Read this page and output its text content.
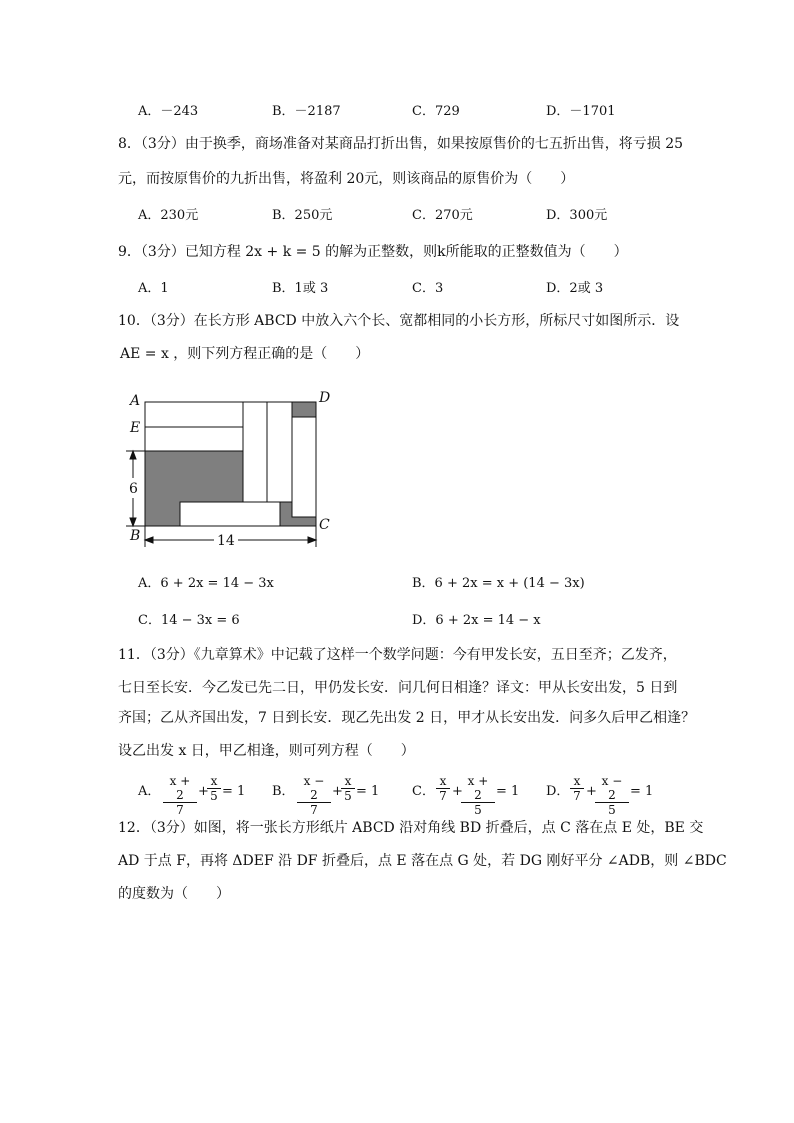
A．－243	B．－2187	C．729	D．－1701
8．（3分）由于换季，商场准备对某商品打折出售，如果按原售价的七五折出售，将亏损 25
元，而按原售价的九折出售，将盈利 20元，则该商品的原售价为（　　）
A．230元	B．250元	C．270元	D．300元
9．（3分）已知方程 2x + k = 5 的解为正整数，则k所能取的正整数值为（　　）
A．1	B．1或 3	C．3	D．2或 3
10．（3分）在长方形 ABCD 中放入六个长、宽都相同的小长方形，所标尺寸如图所示．设
AE = x ，则下列方程正确的是（　　）
A	D
E
B
C
6
14
A．6 + 2x = 14 − 3x	B．6 + 2x = x + (14 − 3x)
C．14 − 3x = 6	D．6 + 2x = 14 − x
11．（3分）《九章算术》中记载了这样一个数学问题：今有甲发长安，五日至齐；乙发齐，
七日至长安．今乙发已先二日，甲仍发长安．问几何日相逢？译文：甲从长安出发，5 日到
齐国；乙从齐国出发，7 日到长安．现乙先出发 2 日，甲才从长安出发．问多久后甲乙相逢？
设乙出发 x 日，甲乙相逢，则可列方程（　　）
A． $\frac{x + 2}{7}$ +
$\frac{x}{5} = 1$ B． $\frac{x - 2}{7}$ +
$\frac{x}{5} = 1$	C． $\frac{x}{7}$ +
$\frac{x + 2}{5} = 1$ D． $\frac{x}{7}$ +
$\frac{x - 2}{5} = 1$
12．（3分）如图，将一张长方形纸片 ABCD 沿对角线 BD 折叠后，点 C 落在点 E 处，BE 交
AD 于点 F，再将 ΔDEF 沿 DF 折叠后，点 E 落在点 G 处，若 DG 刚好平分 ∠ADB，则 ∠BDC
的度数为（　　）
